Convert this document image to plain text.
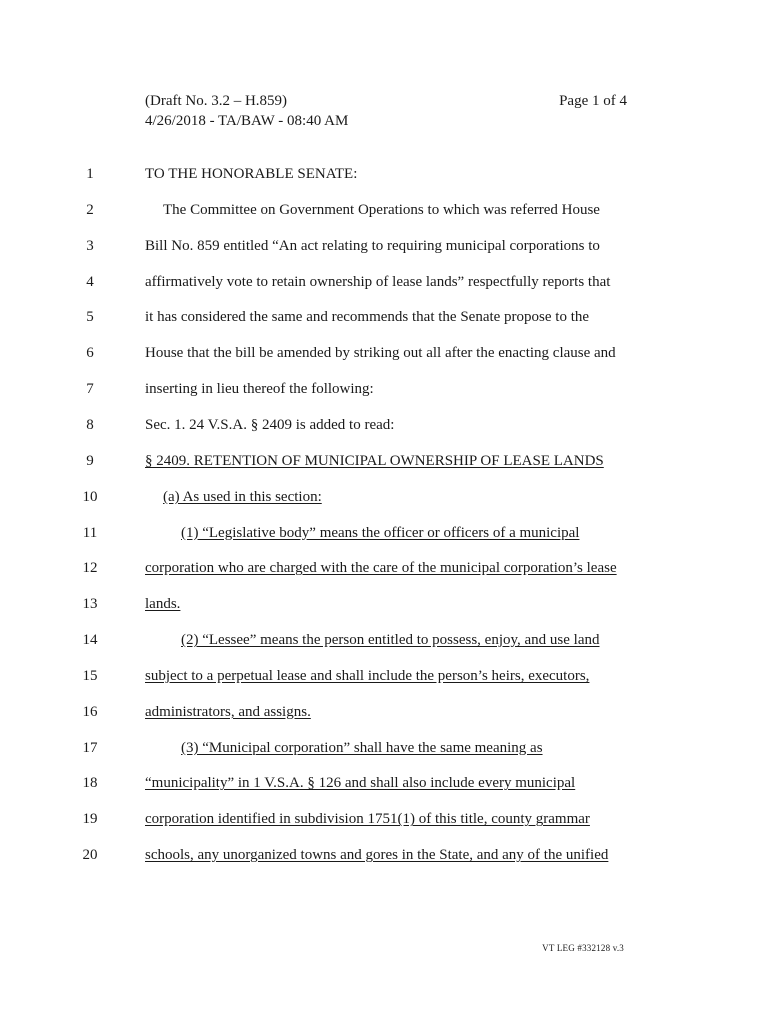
(Draft No. 3.2 – H.859)	Page 1 of 4
4/26/2018 - TA/BAW - 08:40 AM
1	TO THE HONORABLE SENATE:
2	The Committee on Government Operations to which was referred House
3	Bill No. 859 entitled “An act relating to requiring municipal corporations to
4	affirmatively vote to retain ownership of lease lands” respectfully reports that
5	it has considered the same and recommends that the Senate propose to the
6	House that the bill be amended by striking out all after the enacting clause and
7	inserting in lieu thereof the following:
8	Sec. 1. 24 V.S.A. § 2409 is added to read:
9	§ 2409. RETENTION OF MUNICIPAL OWNERSHIP OF LEASE LANDS
10	(a) As used in this section:
11	(1) “Legislative body” means the officer or officers of a municipal
12	corporation who are charged with the care of the municipal corporation’s lease
13	lands.
14	(2) “Lessee” means the person entitled to possess, enjoy, and use land
15	subject to a perpetual lease and shall include the person’s heirs, executors,
16	administrators, and assigns.
17	(3) “Municipal corporation” shall have the same meaning as
18	“municipality” in 1 V.S.A. § 126 and shall also include every municipal
19	corporation identified in subdivision 1751(1) of this title, county grammar
20	schools, any unorganized towns and gores in the State, and any of the unified
VT LEG #332128 v.3
